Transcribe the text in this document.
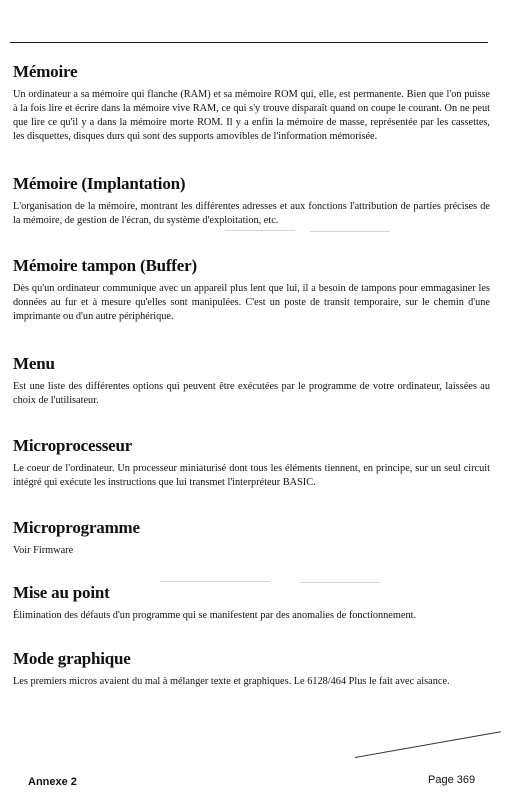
Mémoire

Un ordinateur a sa mémoire qui flanche (RAM) et sa mémoire ROM qui, elle, est permanente. Bien que l'on puisse à la fois lire et écrire dans la mémoire vive RAM, ce qui s'y trouve disparaît quand on coupe le courant. On ne peut que lire ce qu'il y a dans la mémoire morte ROM. Il y a enfin la mémoire de masse, représentée par les cassettes, les disquettes, disques durs qui sont des supports amovibles de l'information mémorisée.

Mémoire (Implantation)

L'organisation de la mémoire, montrant les différentes adresses et aux fonctions l'attribution de parties précises de la mémoire, de gestion de l'écran, du système d'exploitation, etc.

Mémoire tampon (Buffer)

Dès qu'un ordinateur communique avec un appareil plus lent que lui, il a besoin de tampons pour emmagasiner les données au fur et à mesure qu'elles sont manipulées. C'est un poste de transit temporaire, sur le chemin d'une imprimante ou d'un autre périphérique.

Menu

Est une liste des différentes options qui peuvent être exécutées par le programme de votre ordinateur, laissées au choix de l'utilisateur.

Microprocesseur

Le coeur de l'ordinateur. Un processeur miniaturisé dont tous les éléments tiennent, en principe, sur un seul circuit intégré qui exécute les instructions que lui transmet l'interpréteur BASIC.

Microprogramme

Voir Firmware

Mise au point

Élimination des défauts d'un programme qui se manifestent par des anomalies de fonctionnement.

Mode graphique

Les premiers micros avaient du mal à mélanger texte et graphiques. Le 6128/464 Plus le fait avec aisance.

Annexe 2	Page 369
